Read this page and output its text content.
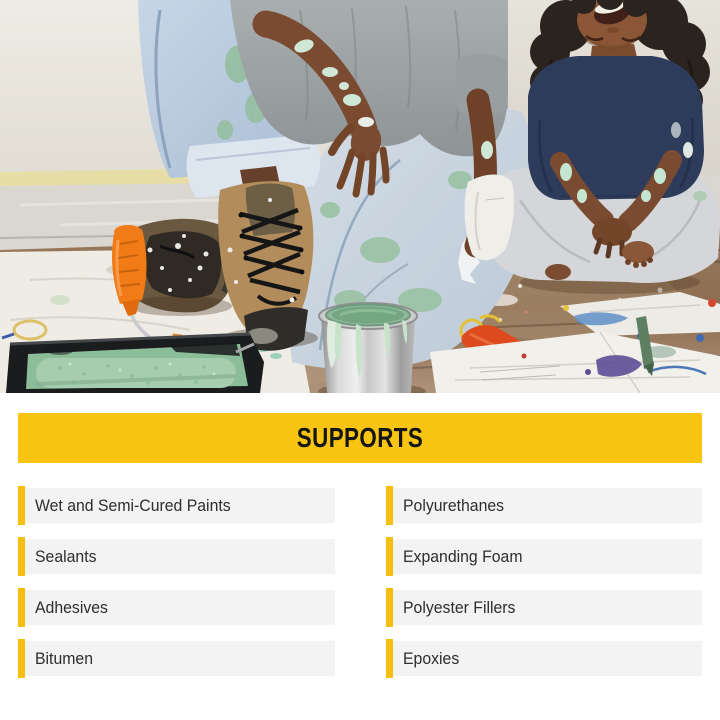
SUPPORTS
Wet and Semi-Cured Paints
Sealants
Adhesives
Bitumen
Polyurethanes
Expanding Foam
Polyester Fillers
Epoxies
